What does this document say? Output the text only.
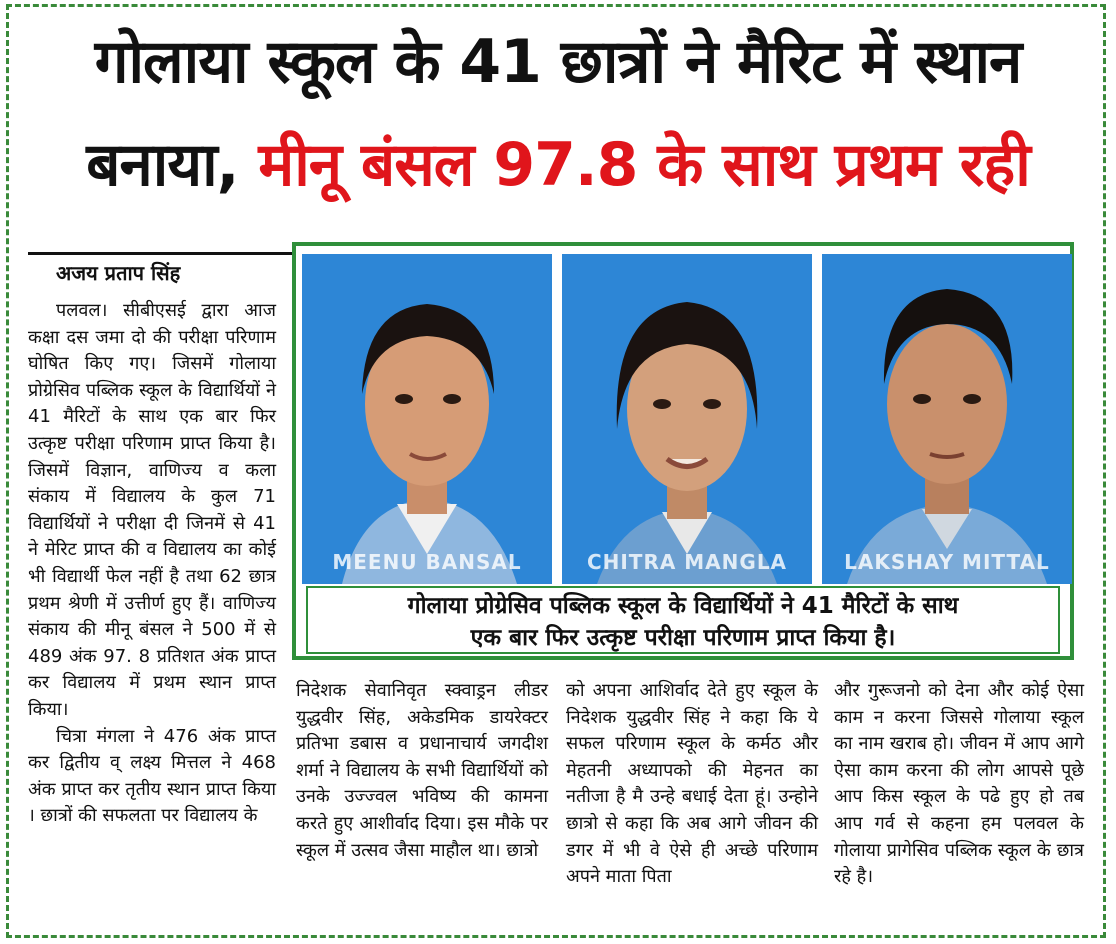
गोलाया स्कूल के 41 छात्रों ने मैरिट में स्थान
बनाया, मीनू बंसल 97.8 के साथ प्रथम रही
अजय प्रताप सिंह

पलवल। सीबीएसई द्वारा आज कक्षा दस जमा दो की परीक्षा परिणाम घोषित किए गए। जिसमें गोलाया प्रोग्रेसिव पब्लिक स्कूल के विद्यार्थियों ने 41 मैरिटों के साथ एक बार फिर उत्कृष्ट परीक्षा परिणाम प्राप्त किया है। जिसमें विज्ञान, वाणिज्य व कला संकाय में विद्यालय के कुल 71 विद्यार्थियों ने परीक्षा दी जिनमें से 41 ने मेरिट प्राप्त की व विद्यालय का कोई भी विद्यार्थी फेल नहीं है तथा 62 छात्र प्रथम श्रेणी में उत्तीर्ण हुए हैं। वाणिज्य संकाय की मीनू बंसल ने 500 में से 489 अंक 97. 8 प्रतिशत अंक प्राप्त कर विद्यालय में प्रथम स्थान प्राप्त किया।

चित्रा मंगला ने 476 अंक प्राप्त कर द्वितीय व् लक्ष्य मित्तल ने 468 अंक प्राप्त कर तृतीय स्थान प्राप्त किया । छात्रों की सफलता पर विद्यालय के

MEENU BANSAL	CHITRA MANGLA	LAKSHAY MITTAL
गोलाया प्रोग्रेसिव पब्लिक स्कूल के विद्यार्थियों ने 41 मैरिटों के साथ
एक बार फिर उत्कृष्ट परीक्षा परिणाम प्राप्त किया है।
निदेशक सेवानिवृत स्क्वाड्रन लीडर युद्धवीर सिंह, अकेडमिक डायरेक्टर प्रतिभा डबास व प्रधानाचार्य जगदीश शर्मा ने विद्यालय के सभी विद्यार्थियों को उनके उज्ज्वल भविष्य की कामना करते हुए आशीर्वाद दिया। इस मौके पर स्कूल में उत्सव जैसा माहौल था। छात्रो
को अपना आशिर्वाद देते हुए स्कूल के निदेशक युद्धवीर सिंह ने कहा कि ये सफल परिणाम स्कूल के कर्मठ और मेहतनी अध्यापको की मेहनत का नतीजा है मै उन्हे बधाई देता हूं। उन्होने छात्रो से कहा कि अब आगे जीवन की डगर में भी वे ऐसे ही अच्छे परिणाम अपने माता पिता
और गुरूजनो को देना और कोई ऐसा काम न करना जिससे गोलाया स्कूल का नाम खराब हो। जीवन में आप आगे ऐसा काम करना की लोग आपसे पूछे आप किस स्कूल के पढे हुए हो तब आप गर्व से कहना हम पलवल के गोलाया प्रागेसिव पब्लिक स्कूल के छात्र रहे है।
